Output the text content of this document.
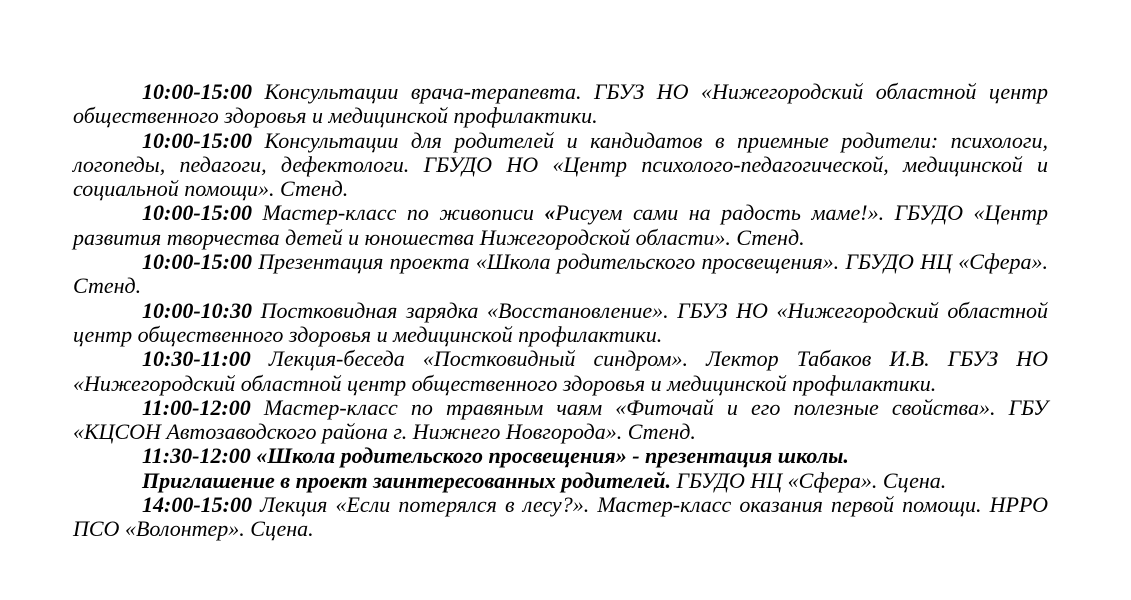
10:00-15:00 Консультации врача-терапевта. ГБУЗ НО «Нижегородский областной центр общественного здоровья и медицинской профилактики.

10:00-15:00 Консультации для родителей и кандидатов в приемные родители: психологи, логопеды, педагоги, дефектологи. ГБУДО НО «Центр психолого-педагогической, медицинской и социальной помощи». Стенд.

10:00-15:00 Мастер-класс по живописи «Рисуем сами на радость маме!». ГБУДО «Центр развития творчества детей и юношества Нижегородской области». Стенд.

10:00-15:00 Презентация проекта «Школа родительского просвещения». ГБУДО НЦ «Сфера». Стенд.

10:00-10:30 Постковидная зарядка «Восстановление». ГБУЗ НО «Нижегородский областной центр общественного здоровья и медицинской профилактики.

10:30-11:00 Лекция-беседа «Постковидный синдром». Лектор Табаков И.В. ГБУЗ НО «Нижегородский областной центр общественного здоровья и медицинской профилактики.

11:00-12:00 Мастер-класс по травяным чаям «Фиточай и его полезные свойства». ГБУ «КЦСОН Автозаводского района г. Нижнего Новгорода». Стенд.

11:30-12:00 «Школа родительского просвещения» - презентация школы.

Приглашение в проект заинтересованных родителей. ГБУДО НЦ «Сфера». Сцена.

14:00-15:00 Лекция «Если потерялся в лесу?». Мастер-класс оказания первой помощи. НРРО ПСО «Волонтер». Сцена.
